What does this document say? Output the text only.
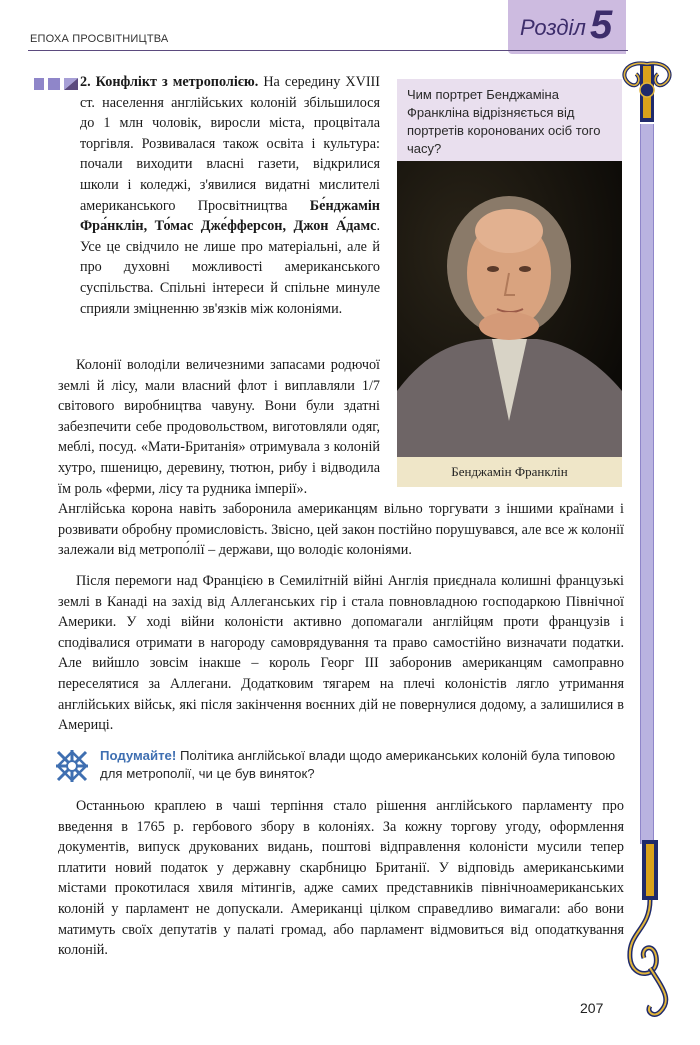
Розділ 5
ЕПОХА ПРОСВІТНИЦТВА

2. Конфлікт з метрополією. На середину XVIII ст. населення англійських колоній збільшилося до 1 млн чоловік, виросли міста, процвітала торгівля. Розвивалася також освіта і культура: почали виходити власні газети, відкрилися школи і коледжі, з'явилися видатні мислителі американського Просвітництва Бе́нджамін Фра́нклін, То́мас Дже́фферсон, Джон А́дамс. Усе це свідчило не лише про матеріальні, але й про духовні можливості американського суспільства. Спільні інтереси й спільне минуле сприяли зміцненню зв'язків між колоніями.

Колонії володіли величезними запасами родючої землі й лісу, мали власний флот і виплавляли 1/7 світового виробництва чавуну. Вони були здатні забезпечити себе продовольством, виготовляли одяг, меблі, посуд. «Мати-Британія» отримувала з колоній хутро, пшеницю, деревину, тютюн, рибу і відводила їм роль «ферми, лісу та рудника імперії».

Англійська корона навіть заборонила американцям вільно торгувати з іншими країнами і розвивати обробну промисловість. Звісно, цей закон постійно порушувався, але все ж колонії залежали від метропо́лії – держави, що володіє колоніями.

Після перемоги над Францією в Семилітній війні Англія приєднала колишні французькі землі в Канаді на захід від Аллеганських гір і стала повновладною господаркою Північної Америки. У ході війни колоністи активно допомагали англійцям проти французів і сподівалися отримати в нагороду самоврядування та право самостійно визначати податки. Але вийшло зовсім інакше – король Георг III заборонив американцям самоправно переселятися за Аллегани. Додатковим тягарем на плечі колоністів лягло утримання англійських військ, які після закінчення воєнних дій не повернулися додому, а залишилися в Америці.

Чим портрет Бенджаміна Франкліна відрізняється від портретів коронованих осіб того часу?
Бенджамін Франклін
Подумайте! Політика англійської влади щодо американських колоній була типовою для метрополії, чи це був виняток?

Останньою краплею в чаші терпіння стало рішення англійського парламенту про введення в 1765 р. гербового збору в колоніях. За кожну торгову угоду, оформлення документів, випуск друкованих видань, поштові відправлення колоністи мусили тепер платити новий податок у державну скарбницю Британії. У відповідь американськими містами прокотилася хвиля мітингів, адже самих представників північноамериканських колоній у парламент не допускали. Американці цілком справедливо вимагали: або вони матимуть своїх депутатів у палаті громад, або парламент відмовиться від оподаткування колоній.

207
